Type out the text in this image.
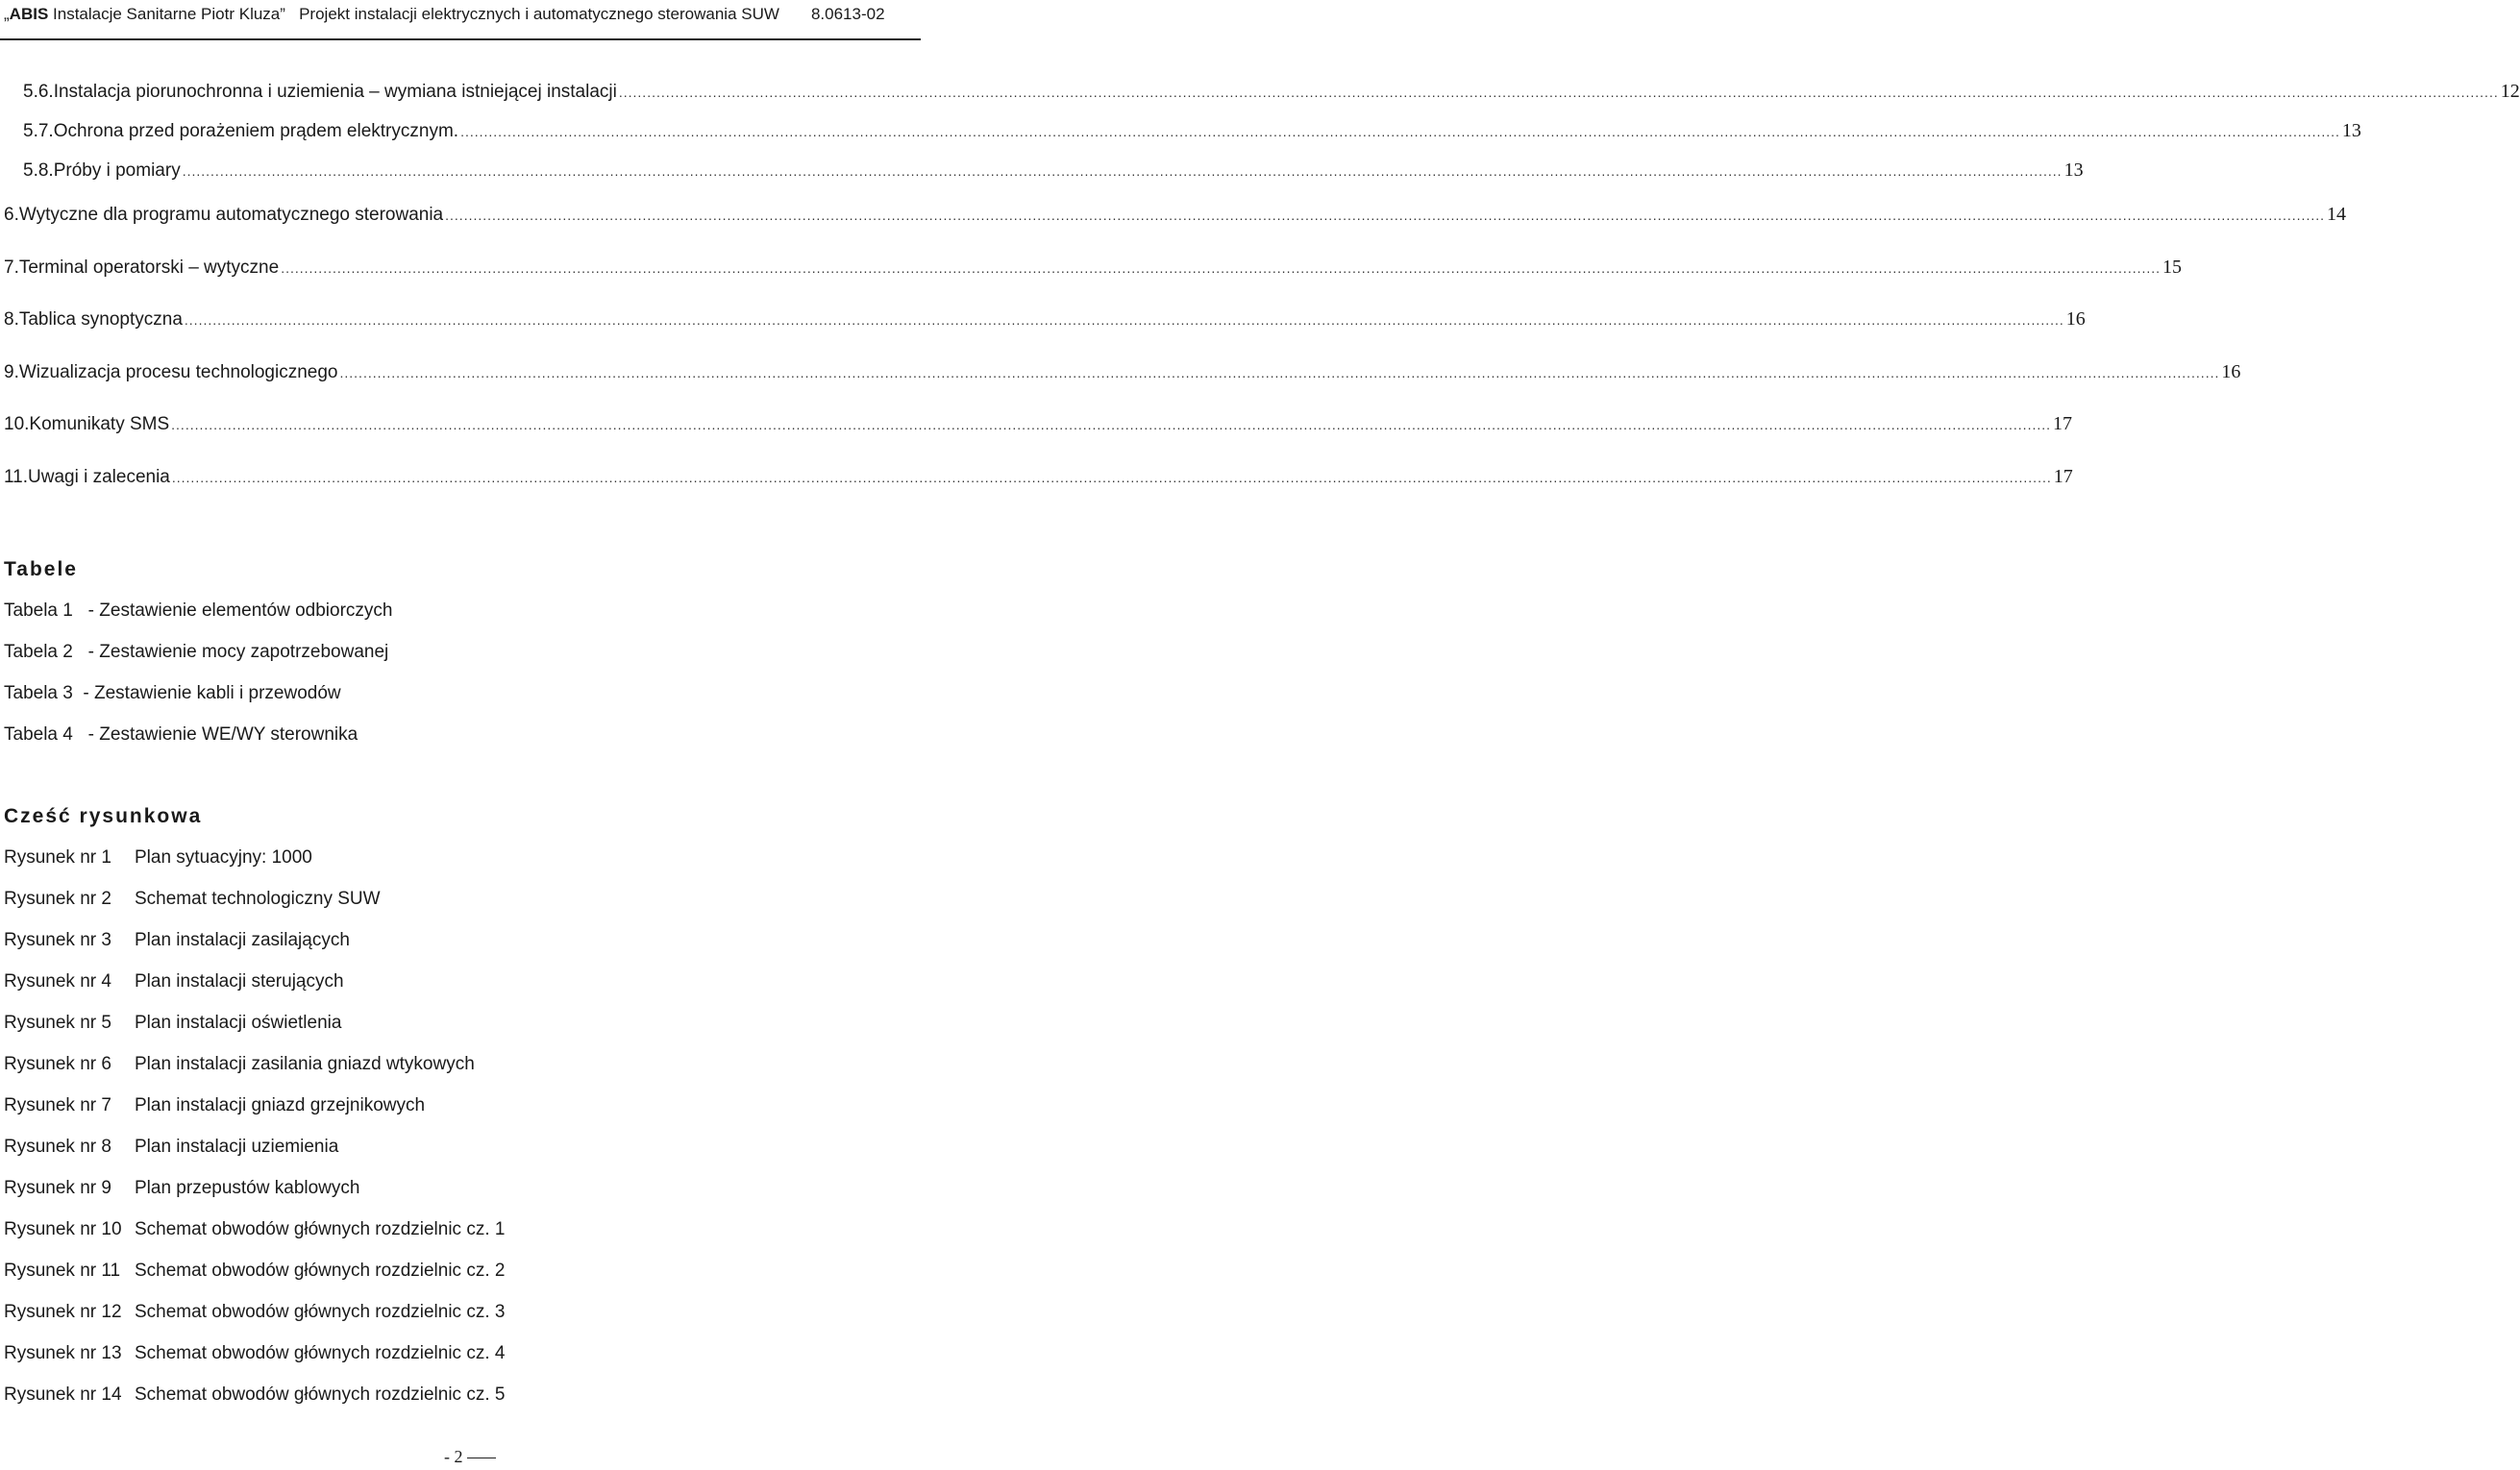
„ABIS Instalacje Sanitarne Piotr Kluza”   Projekt instalacji elektrycznych i automatycznego sterowania SUW       8.0613-02
5.6. Instalacja piorunochronna i uziemienia – wymiana istniejącej instalacji ................................................................................................................................................................................................................................................................................................................................................................................................................ 12
5.7. Ochrona przed porażeniem prądem elektrycznym. ................................................................................................................................................................................................................................................................................................................................................................................................................ 13
5.8. Próby i pomiary ................................................................................................................................................................................................................................................................................................................................................................................................................ 13
6. Wytyczne dla programu automatycznego sterowania ................................................................................................................................................................................................................................................................................................................................................................................................................ 14
7. Terminal operatorski – wytyczne ................................................................................................................................................................................................................................................................................................................................................................................................................ 15
8. Tablica synoptyczna ................................................................................................................................................................................................................................................................................................................................................................................................................ 16
9. Wizualizacja procesu technologicznego ................................................................................................................................................................................................................................................................................................................................................................................................................ 16
10. Komunikaty SMS ................................................................................................................................................................................................................................................................................................................................................................................................................ 17
11. Uwagi i zalecenia ................................................................................................................................................................................................................................................................................................................................................................................................................ 17
Tabele
Tabela 1   - Zestawienie elementów odbiorczych
Tabela 2   - Zestawienie mocy zapotrzebowanej
Tabela 3  - Zestawienie kabli i przewodów
Tabela 4   - Zestawienie WE/WY sterownika
Cześć rysunkowa
Rysunek nr 1 Plan sytuacyjny: 1000
Rysunek nr 2 Schemat technologiczny SUW
Rysunek nr 3 Plan instalacji zasilających
Rysunek nr 4 Plan instalacji sterujących
Rysunek nr 5 Plan instalacji oświetlenia
Rysunek nr 6 Plan instalacji zasilania gniazd wtykowych
Rysunek nr 7 Plan instalacji gniazd grzejnikowych
Rysunek nr 8 Plan instalacji uziemienia
Rysunek nr 9 Plan przepustów kablowych
Rysunek nr 10 Schemat obwodów głównych rozdzielnic cz. 1
Rysunek nr 11 Schemat obwodów głównych rozdzielnic cz. 2
Rysunek nr 12 Schemat obwodów głównych rozdzielnic cz. 3
Rysunek nr 13 Schemat obwodów głównych rozdzielnic cz. 4
Rysunek nr 14 Schemat obwodów głównych rozdzielnic cz. 5
- 2
